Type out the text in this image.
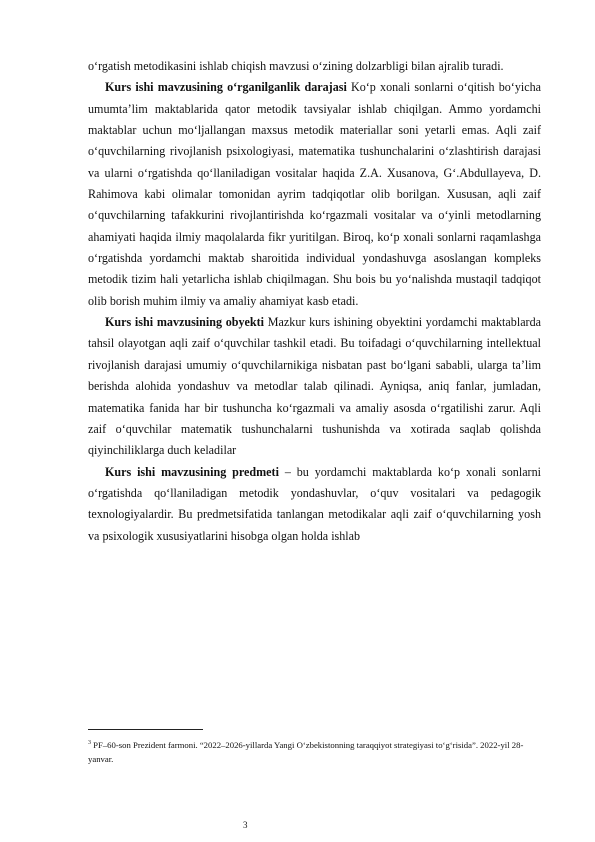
o‘rgatish metodikasini ishlab chiqish mavzusi o‘zining dolzarbligi bilan ajralib turadi.

Kurs ishi mavzusining o‘rganilganlik darajasi Ko‘p xonali sonlarni o‘qitish bo‘yicha umumta’lim maktablarida qator metodik tavsiyalar ishlab chiqilgan. Ammo yordamchi maktablar uchun mo‘ljallangan maxsus metodik materiallar soni yetarli emas. Aqli zaif o‘quvchilarning rivojlanish psixologiyasi, matematika tushunchalarini o‘zlashtirish darajasi va ularni o‘rgatishda qo‘llaniladigan vositalar haqida Z.A. Xusanova, G‘.Abdullayeva, D. Rahimova kabi olimalar tomonidan ayrim tadqiqotlar olib borilgan. Xususan, aqli zaif o‘quvchilarning tafakkurini rivojlantirishda ko‘rgazmali vositalar va o‘yinli metodlarning ahamiyati haqida ilmiy maqolalarda fikr yuritilgan. Biroq, ko‘p xonali sonlarni raqamlashga o‘rgatishda yordamchi maktab sharoitida individual yondashuvga asoslangan kompleks metodik tizim hali yetarlicha ishlab chiqilmagan. Shu bois bu yo‘nalishda mustaqil tadqiqot olib borish muhim ilmiy va amaliy ahamiyat kasb etadi.

Kurs ishi mavzusining obyekti Mazkur kurs ishining obyektini yordamchi maktablarda tahsil olayotgan aqli zaif o‘quvchilar tashkil etadi. Bu toifadagi o‘quvchilarning intellektual rivojlanish darajasi umumiy o‘quvchilarnikiga nisbatan past bo‘lgani sababli, ularga ta’lim berishda alohida yondashuv va metodlar talab qilinadi. Ayniqsa, aniq fanlar, jumladan, matematika fanida har bir tushuncha ko‘rgazmali va amaliy asosda o‘rgatilishi zarur. Aqli zaif o‘quvchilar matematik tushunchalarni tushunishda va xotirada saqlab qolishda qiyinchiliklarga duch keladilar

Kurs ishi mavzusining predmeti – bu yordamchi maktablarda ko‘p xonali sonlarni o‘rgatishda qo‘llaniladigan metodik yondashuvlar, o‘quv vositalari va pedagogik texnologiyalardir. Bu predmetsifatida tanlangan metodikalar aqli zaif o‘quvchilarning yosh va psixologik xususiyatlarini hisobga olgan holda ishlab

$^3$ PF–60-son Prezident farmoni. “2022–2026-yillarda Yangi O‘zbekistonning taraqqiyot strategiyasi to‘g‘risida”. 2022-yil 28-yanvar.
3
